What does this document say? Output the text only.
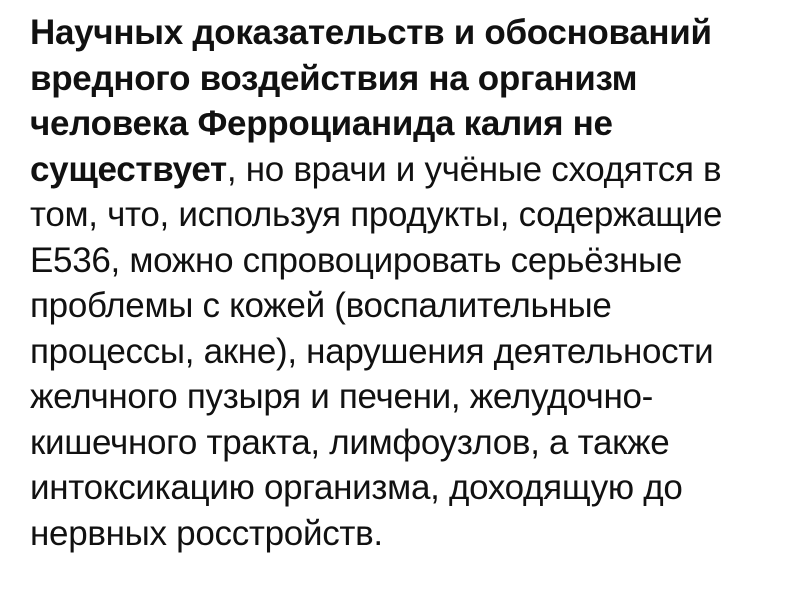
Научных доказательств и обоснований
вредного воздействия на организм
человека Ферроцианида калия не
существует, но врачи и учёные сходятся в
том, что, используя продукты, содержащие
Е536, можно спровоцировать серьёзные
проблемы с кожей (воспалительные
процессы, акне), нарушения деятельности
желчного пузыря и печени, желудочно-
кишечного тракта, лимфоузлов, а также
интоксикацию организма, доходящую до
нервных росстройств.
